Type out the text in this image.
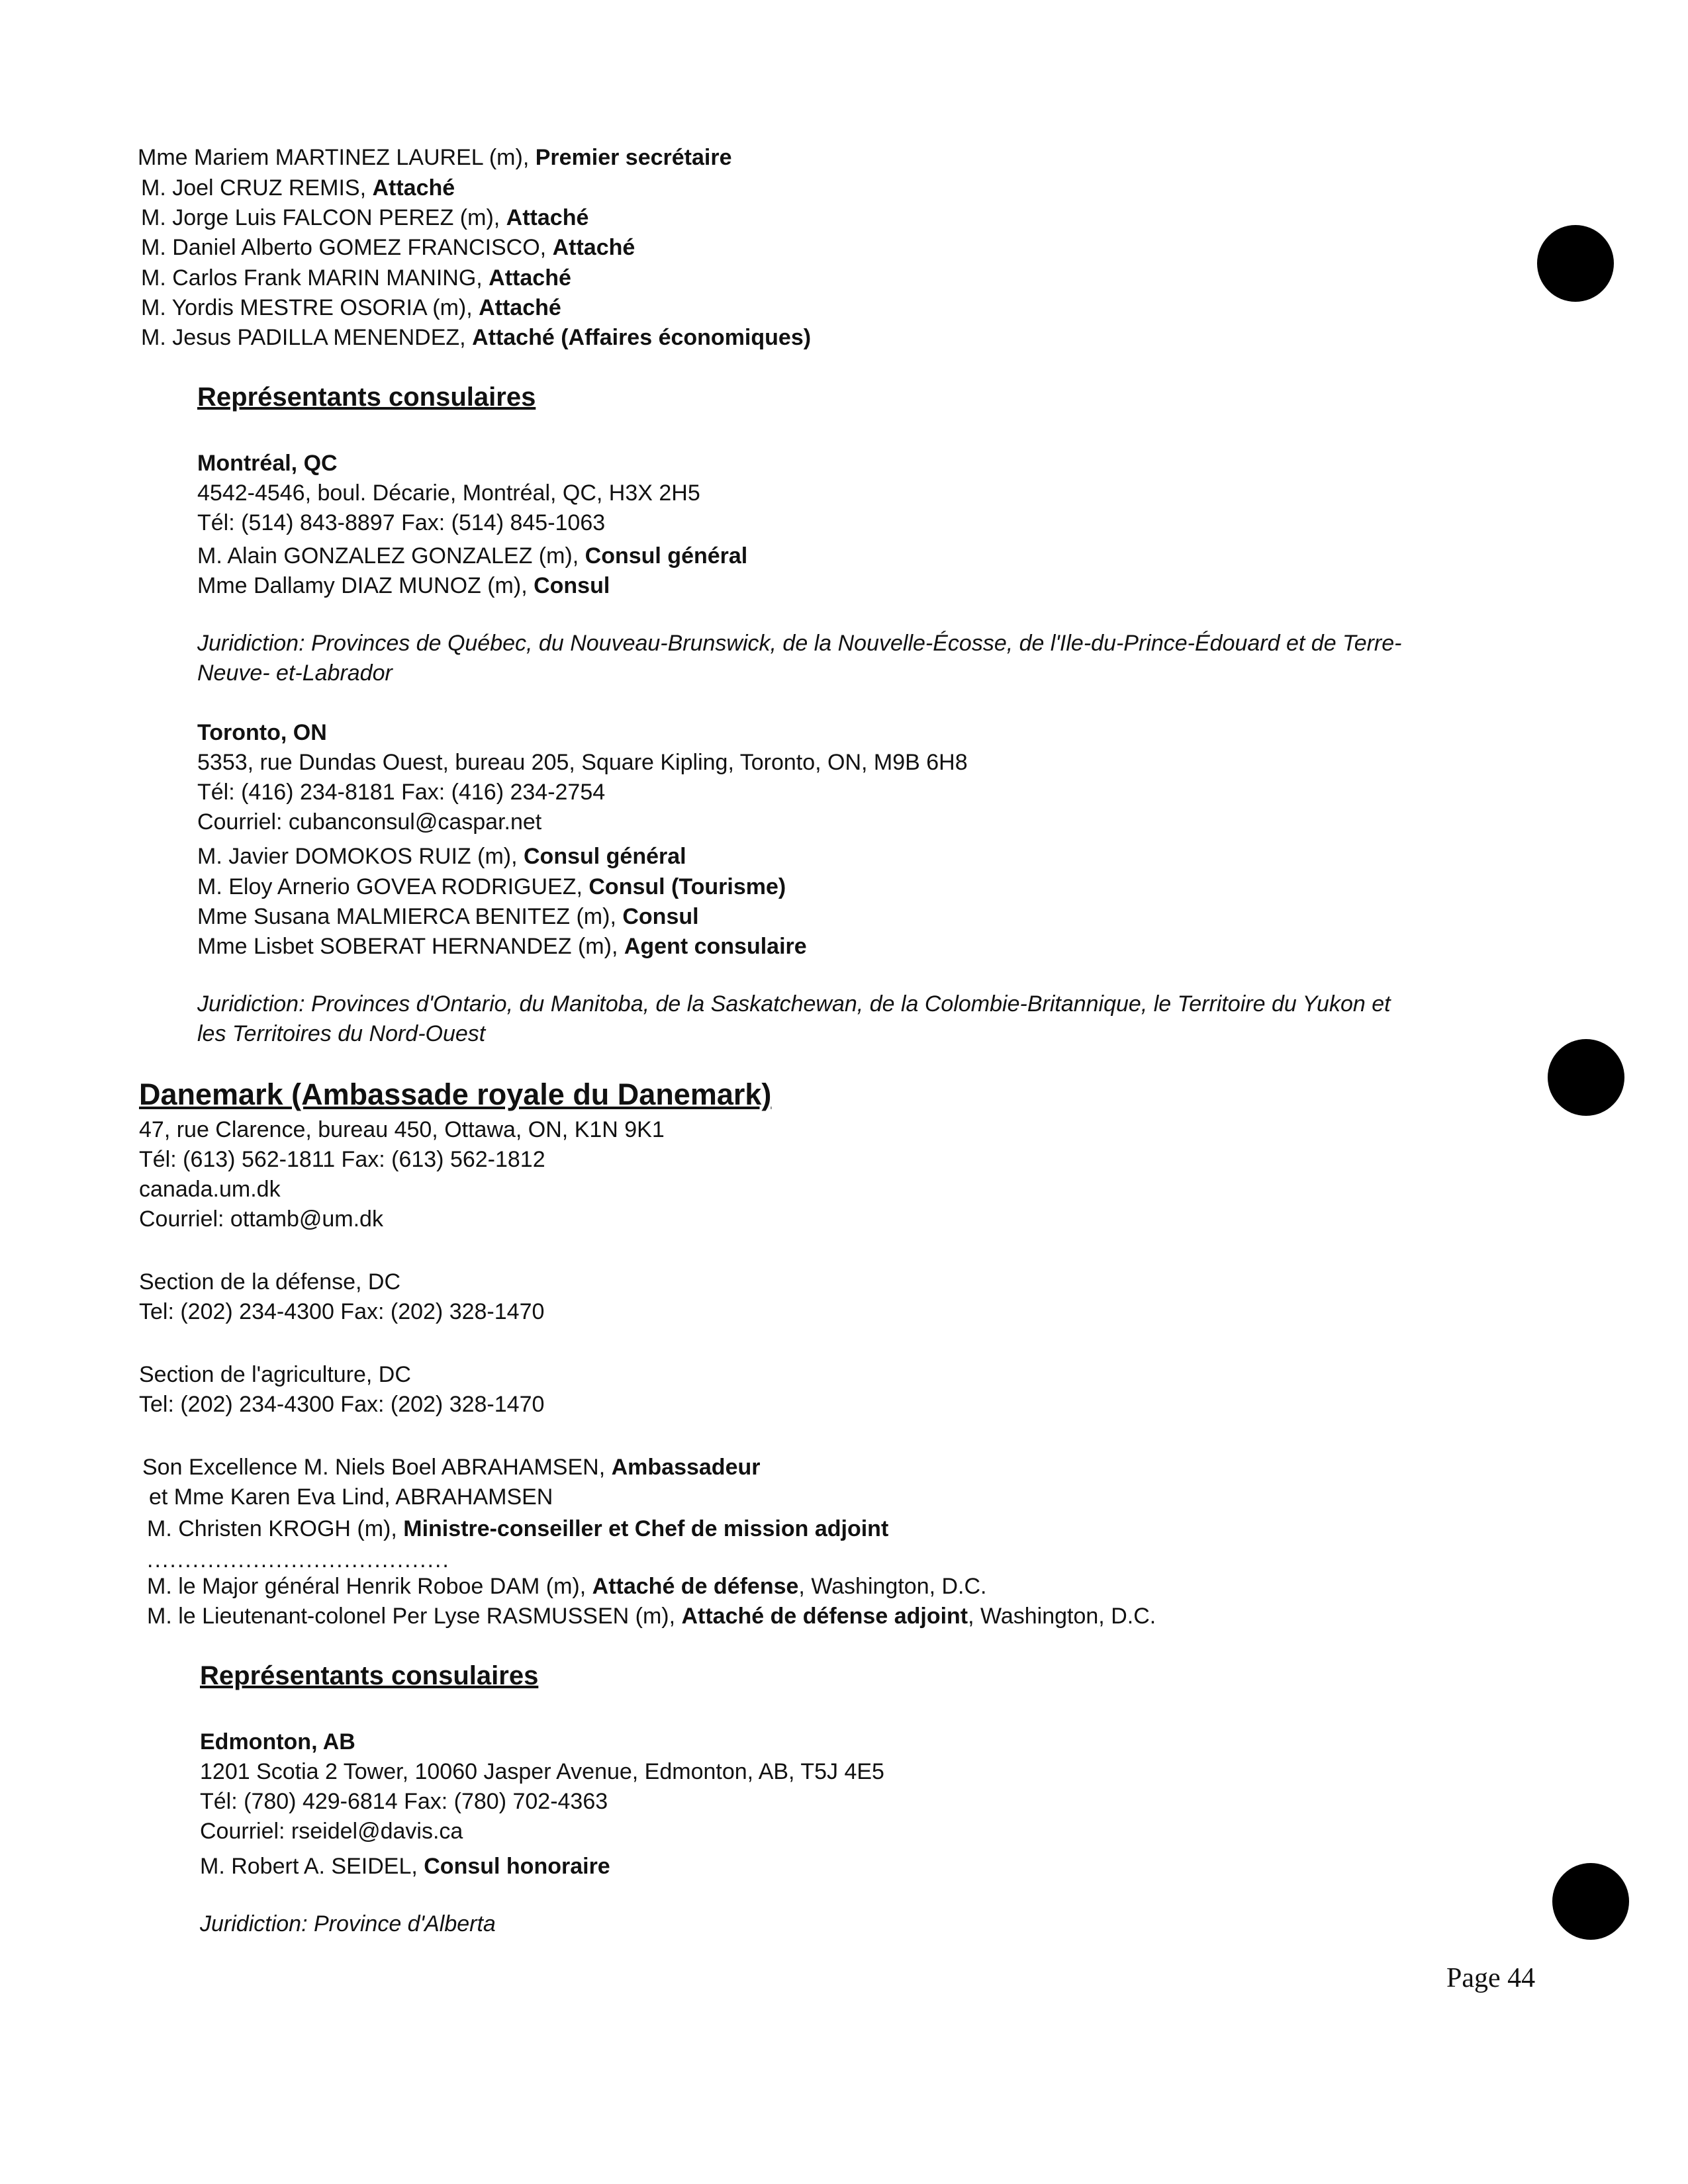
Mme Mariem MARTINEZ LAUREL (m), Premier secrétaire
M. Joel CRUZ REMIS, Attaché
M. Jorge Luis FALCON PEREZ (m), Attaché
M. Daniel Alberto GOMEZ FRANCISCO, Attaché
M. Carlos Frank MARIN MANING, Attaché
M. Yordis MESTRE OSORIA (m), Attaché
M. Jesus PADILLA MENENDEZ, Attaché (Affaires économiques)
Représentants consulaires
Montréal, QC
4542-4546, boul. Décarie, Montréal, QC, H3X 2H5
Tél: (514) 843-8897 Fax: (514) 845-1063
M. Alain GONZALEZ GONZALEZ (m), Consul général
Mme Dallamy DIAZ MUNOZ (m), Consul
Juridiction: Provinces de Québec, du Nouveau-Brunswick, de la Nouvelle-Écosse, de l'Ile-du-Prince-Édouard et de Terre-
Neuve- et-Labrador
Toronto, ON
5353, rue Dundas Ouest, bureau 205, Square Kipling, Toronto, ON, M9B 6H8
Tél: (416) 234-8181 Fax: (416) 234-2754
Courriel: cubanconsul@caspar.net
M. Javier DOMOKOS RUIZ (m), Consul général
M. Eloy Arnerio GOVEA RODRIGUEZ, Consul (Tourisme)
Mme Susana MALMIERCA BENITEZ (m), Consul
Mme Lisbet SOBERAT HERNANDEZ (m), Agent consulaire
Juridiction: Provinces d'Ontario, du Manitoba, de la Saskatchewan, de la Colombie-Britannique, le Territoire du Yukon et
les Territoires du Nord-Ouest
Danemark (Ambassade royale du Danemark)
47, rue Clarence, bureau 450, Ottawa, ON, K1N 9K1
Tél: (613) 562-1811 Fax: (613) 562-1812
canada.um.dk
Courriel: ottamb@um.dk
Section de la défense, DC
Tel: (202) 234-4300 Fax: (202) 328-1470
Section de l'agriculture, DC
Tel: (202) 234-4300 Fax: (202) 328-1470
Son Excellence M. Niels Boel ABRAHAMSEN, Ambassadeur
et Mme Karen Eva Lind, ABRAHAMSEN
M. Christen KROGH (m), Ministre-conseiller et Chef de mission adjoint
........................................
M. le Major général Henrik Roboe DAM (m), Attaché de défense, Washington, D.C.
M. le Lieutenant-colonel Per Lyse RASMUSSEN (m), Attaché de défense adjoint, Washington, D.C.
Représentants consulaires
Edmonton, AB
1201 Scotia 2 Tower, 10060 Jasper Avenue, Edmonton, AB, T5J 4E5
Tél: (780) 429-6814 Fax: (780) 702-4363
Courriel: rseidel@davis.ca
M. Robert A. SEIDEL, Consul honoraire
Juridiction: Province d'Alberta
Page 44
